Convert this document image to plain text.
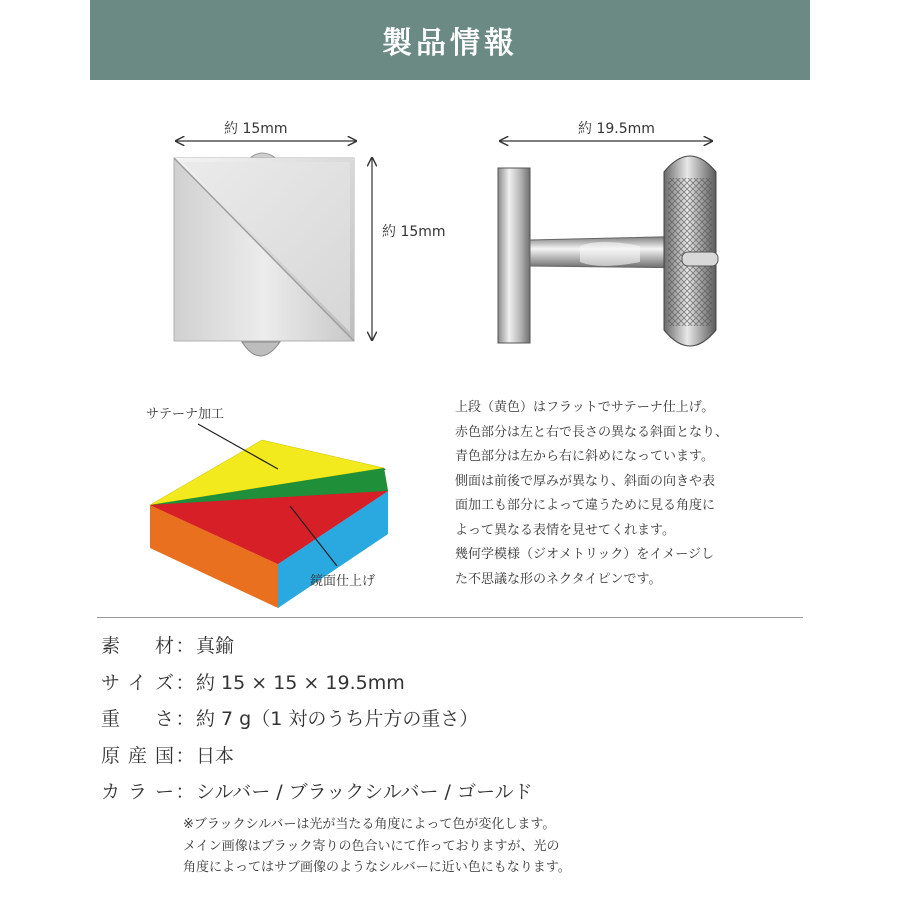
製品情報
約 15mm
約 15mm
約 19.5mm
サテーナ加工
鏡面仕上げ
上段（黄色）はフラットでサテーナ仕上げ。
赤色部分は左と右で長さの異なる斜面となり、
青色部分は左から右に斜めになっています。
側面は前後で厚みが異なり、斜面の向きや表
面加工も部分によって違うために見る角度に
よって異なる表情を見せてくれます。
幾何学模様（ジオメトリック）をイメージし
た不思議な形のネクタイピンです。
素材 ： 真鍮
サイズ ： 約 15 × 15 × 19.5mm
重さ ： 約 7 g（1 対のうち片方の重さ）
原産国 ： 日本
カラー ： シルバー / ブラックシルバー / ゴールド
※ブラックシルバーは光が当たる角度によって色が変化します。
メイン画像はブラック寄りの色合いにて作っておりますが、光の
角度によってはサブ画像のようなシルバーに近い色にもなります。
